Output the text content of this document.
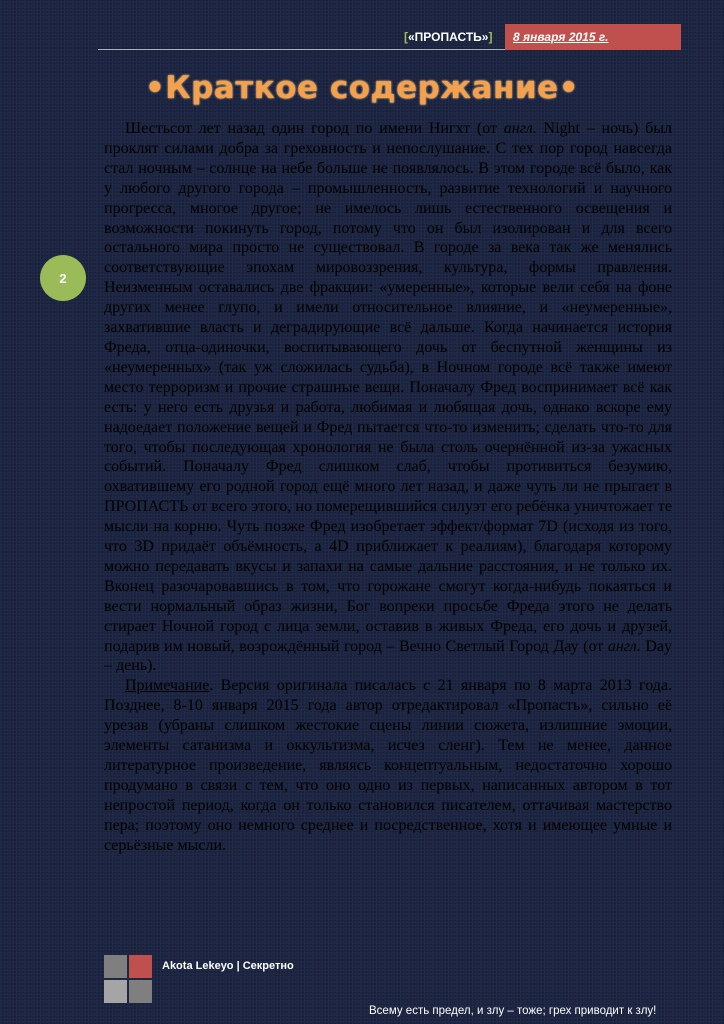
[«ПРОПАСТЬ»] 8 января 2015 г.
•Краткое содержание•
2

Шестьсот лет назад один город по имени Нигхт (от англ. Night – ночь) был проклят силами добра за греховность и непослушание. С тех пор город навсегда стал ночным – солнце на небе больше не появлялось. В этом городе всё было, как у любого другого города – промышленность, развитие технологий и научного прогресса, многое другое; не имелось лишь естественного освещения и возможности покинуть город, потому что он был изолирован и для всего остального мира просто не существовал. В городе за века так же менялись соответствующие эпохам мировоззрения, культура, формы правления. Неизменным оставались две фракции: «умеренные», которые вели себя на фоне других менее глупо, и имели относительное влияние, и «неумеренные», захватившие власть и деградирующие всё дальше. Когда начинается история Фреда, отца-одиночки, воспитывающего дочь от беспутной женщины из «неумеренных» (так уж сложилась судьба), в Ночном городе всё также имеют место терроризм и прочие страшные вещи. Поначалу Фред воспринимает всё как есть: у него есть друзья и работа, любимая и любящая дочь, однако вскоре ему надоедает положение вещей и Фред пытается что-то изменить; сделать что-то для того, чтобы последующая хронология не была столь очернённой из-за ужасных событий. Поначалу Фред слишком слаб, чтобы противиться безумию, охватившему его родной город ещё много лет назад, и даже чуть ли не прыгает в ПРОПАСТЬ от всего этого, но померещившийся силуэт его ребёнка уничтожает те мысли на корню. Чуть позже Фред изобретает эффект/формат 7D (исходя из того, что 3D придаёт объёмность, а 4D приближает к реалиям), благодаря которому можно передавать вкусы и запахи на самые дальние расстояния, и не только их. Вконец разочаровавшись в том, что горожане смогут когда-нибудь покаяться и вести нормальный образ жизни, Бог вопреки просьбе Фреда этого не делать стирает Ночной город с лица земли, оставив в живых Фреда, его дочь и друзей, подарив им новый, возрождённый город – Вечно Светлый Город Дау (от англ. Day – день).

Примечание. Версия оригинала писалась с 21 января по 8 марта 2013 года. Позднее, 8-10 января 2015 года автор отредактировал «Пропасть», сильно её урезав (убраны слишком жестокие сцены линии сюжета, излишние эмоции, элементы сатанизма и оккультизма, исчез сленг). Тем не менее, данное литературное произведение, являясь концептуальным, недостаточно хорошо продумано в связи с тем, что оно одно из первых, написанных автором в тот непростой период, когда он только становился писателем, оттачивая мастерство пера; поэтому оно немного среднее и посредственное, хотя и имеющее умные и серьёзные мысли.

Akota Lekeyo | Секретно
Всему есть предел, и злу – тоже; грех приводит к злу!
